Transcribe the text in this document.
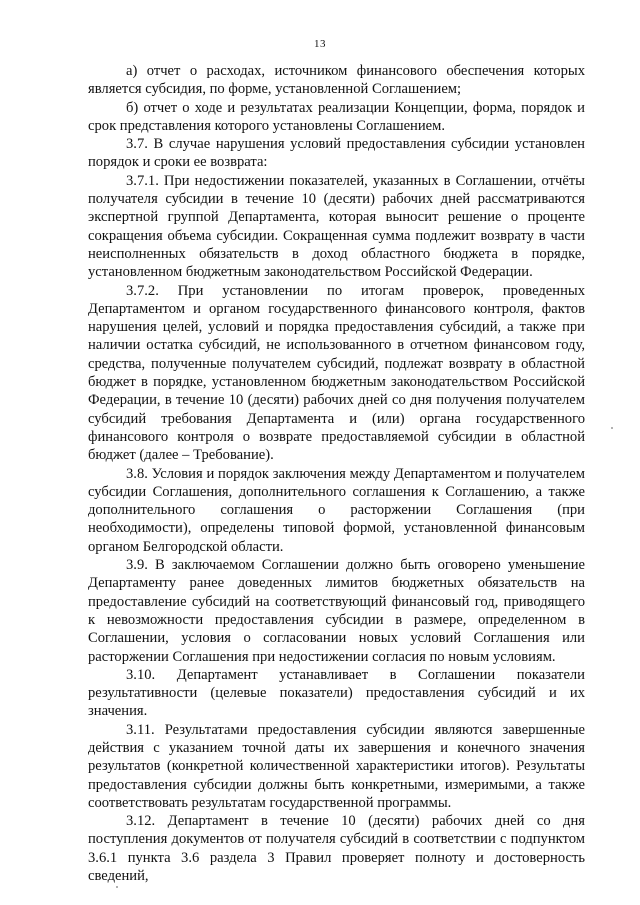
13

а) отчет о расходах, источником финансового обеспечения которых является субсидия, по форме, установленной Соглашением;

б) отчет о ходе и результатах реализации Концепции, форма, порядок и срок представления которого установлены Соглашением.

3.7. В случае нарушения условий предоставления субсидии установлен порядок и сроки ее возврата:

3.7.1. При недостижении показателей, указанных в Соглашении, отчёты получателя субсидии в течение 10 (десяти) рабочих дней рассматриваются экспертной группой Департамента, которая выносит решение о проценте сокращения объема субсидии. Сокращенная сумма подлежит возврату в части неисполненных обязательств в доход областного бюджета в порядке, установленном бюджетным законодательством Российской Федерации.

3.7.2. При установлении по итогам проверок, проведенных Департаментом и органом государственного финансового контроля, фактов нарушения целей, условий и порядка предоставления субсидий, а также при наличии остатка субсидий, не использованного в отчетном финансовом году, средства, полученные получателем субсидий, подлежат возврату в областной бюджет в порядке, установленном бюджетным законодательством Российской Федерации, в течение 10 (десяти) рабочих дней со дня получения получателем субсидий требования Департамента и (или) органа государственного финансового контроля о возврате предоставляемой субсидии в областной бюджет (далее – Требование).

3.8. Условия и порядок заключения между Департаментом и получателем субсидии Соглашения, дополнительного соглашения к Соглашению, а также дополнительного соглашения о расторжении Соглашения (при необходимости), определены типовой формой, установленной финансовым органом Белгородской области.

3.9. В заключаемом Соглашении должно быть оговорено уменьшение Департаменту ранее доведенных лимитов бюджетных обязательств на предоставление субсидий на соответствующий финансовый год, приводящего к невозможности предоставления субсидии в размере, определенном в Соглашении, условия о согласовании новых условий Соглашения или расторжении Соглашения при недостижении согласия по новым условиям.

3.10. Департамент устанавливает в Соглашении показатели результативности (целевые показатели) предоставления субсидий и их значения.

3.11. Результатами предоставления субсидии являются завершенные действия с указанием точной даты их завершения и конечного значения результатов (конкретной количественной характеристики итогов). Результаты предоставления субсидии должны быть конкретными, измеримыми, а также соответствовать результатам государственной программы.

3.12. Департамент в течение 10 (десяти) рабочих дней со дня поступления документов от получателя субсидий в соответствии с подпунктом 3.6.1 пункта 3.6 раздела 3 Правил проверяет полноту и достоверность сведений,
